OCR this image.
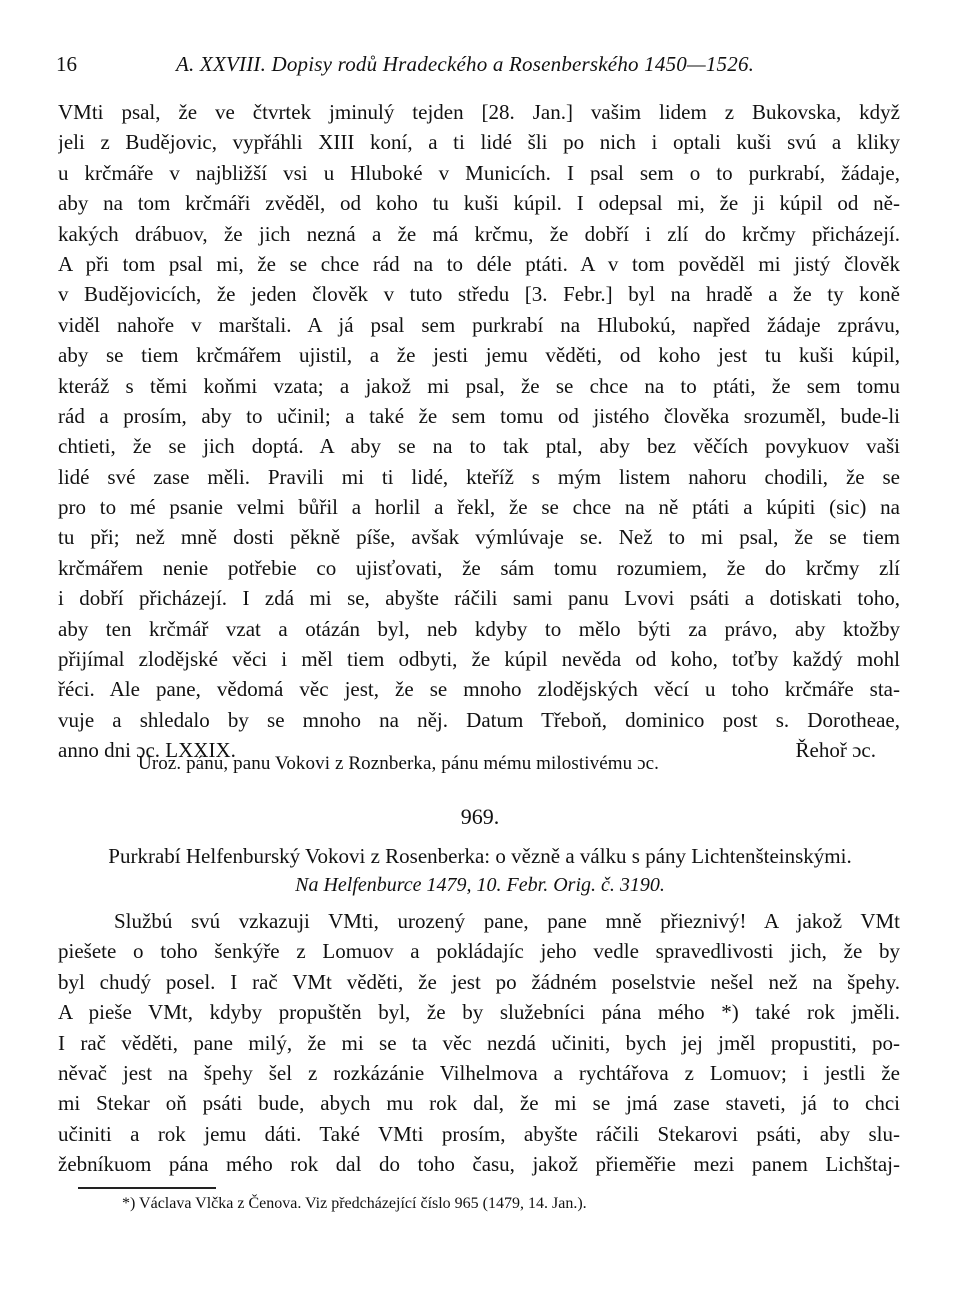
16	A. XXVIII. Dopisy rodů Hradeckého a Rosenberského 1450—1526.
VMti psal, že ve čtvrtek jminulý tejden [28. Jan.] vašim lidem z Bukovska, když
jeli z Budějovic, vypřáhli XIII koní, a ti lidé šli po nich i optali kuši svú a kliky
u krčmáře v najbližší vsi u Hluboké v Municích. I psal sem o to purkrabí, žádaje,
aby na tom krčmáři zvěděl, od koho tu kuši kúpil. I odepsal mi, že ji kúpil od ně-
kakých drábuov, že jich nezná a že má krčmu, že dobří i zlí do krčmy přicházejí.
A při tom psal mi, že se chce rád na to déle ptáti. A v tom pověděl mi jistý člověk
v Budějovicích, že jeden člověk v tuto středu [3. Febr.] byl na hradě a že ty koně
viděl nahoře v marštali. A já psal sem purkrabí na Hlubokú, napřed žádaje zprávu,
aby se tiem krčmářem ujistil, a že jesti jemu věděti, od koho jest tu kuši kúpil,
kteráž s těmi koňmi vzata; a jakož mi psal, že se chce na to ptáti, že sem tomu
rád a prosím, aby to učinil; a také že sem tomu od jistého člověka srozuměl, bude-li
chtieti, že se jich doptá. A aby se na to tak ptal, aby bez věčích povykuov vaši
lidé své zase měli. Pravili mi ti lidé, kteříž s mým listem nahoru chodili, že se
pro to mé psanie velmi bůřil a horlil a řekl, že se chce na ně ptáti a kúpiti (sic) na
tu při; než mně dosti pěkně píše, avšak výmlúvaje se. Než to mi psal, že se tiem
krčmářem nenie potřebie co ujisťovati, že sám tomu rozumiem, že do krčmy zlí
i dobří přicházejí. I zdá mi se, abyšte ráčili sami panu Lvovi psáti a dotiskati toho,
aby ten krčmář vzat a otázán byl, neb kdyby to mělo býti za právo, aby ktožby
přijímal zlodějské věci i měl tiem odbyti, že kúpil nevěda od koho, toťby každý mohl
řéci. Ale pane, vědomá věc jest, že se mnoho zlodějských věcí u toho krčmáře sta-
vuje a shledalo by se mnoho na něj. Datum Třeboň, dominico post s. Dorotheae,
anno dni ɔc. LXXIX.	Řehoř ɔc.
Uroz. pánu, panu Vokovi z Roznberka, pánu mému milostivému ɔc.
969.
Purkrabí Helfenburský Vokovi z Rosenberka: o vězně a válku s pány Lichtenšteinskými.
Na Helfenburce 1479, 10. Febr. Orig. č. 3190.
Službú svú vzkazuji VMti, urozený pane, pane mně přieznivý! A jakož VMt
piešete o toho šenkýře z Lomuov a pokládajíc jeho vedle spravedlivosti jich, že by
byl chudý posel. I rač VMt věděti, že jest po žádném poselstvie nešel než na špehy.
A pieše VMt, kdyby propuštěn byl, že by služebníci pána mého *) také rok jměli.
I rač věděti, pane milý, že mi se ta věc nezdá učiniti, bych jej jměl propustiti, po-
něvač jest na špehy šel z rozkázánie Vilhelmova a rychtářova z Lomuov; i jestli že
mi Stekar oň psáti bude, abych mu rok dal, že mi se jmá zase staveti, já to chci
učiniti a rok jemu dáti. Také VMti prosím, abyšte ráčili Stekarovi psáti, aby slu-
žebníkuom pána mého rok dal do toho času, jakož přieměřie mezi panem Lichštaj-
*) Václava Vlčka z Čenova. Viz předcházející číslo 965 (1479, 14. Jan.).
